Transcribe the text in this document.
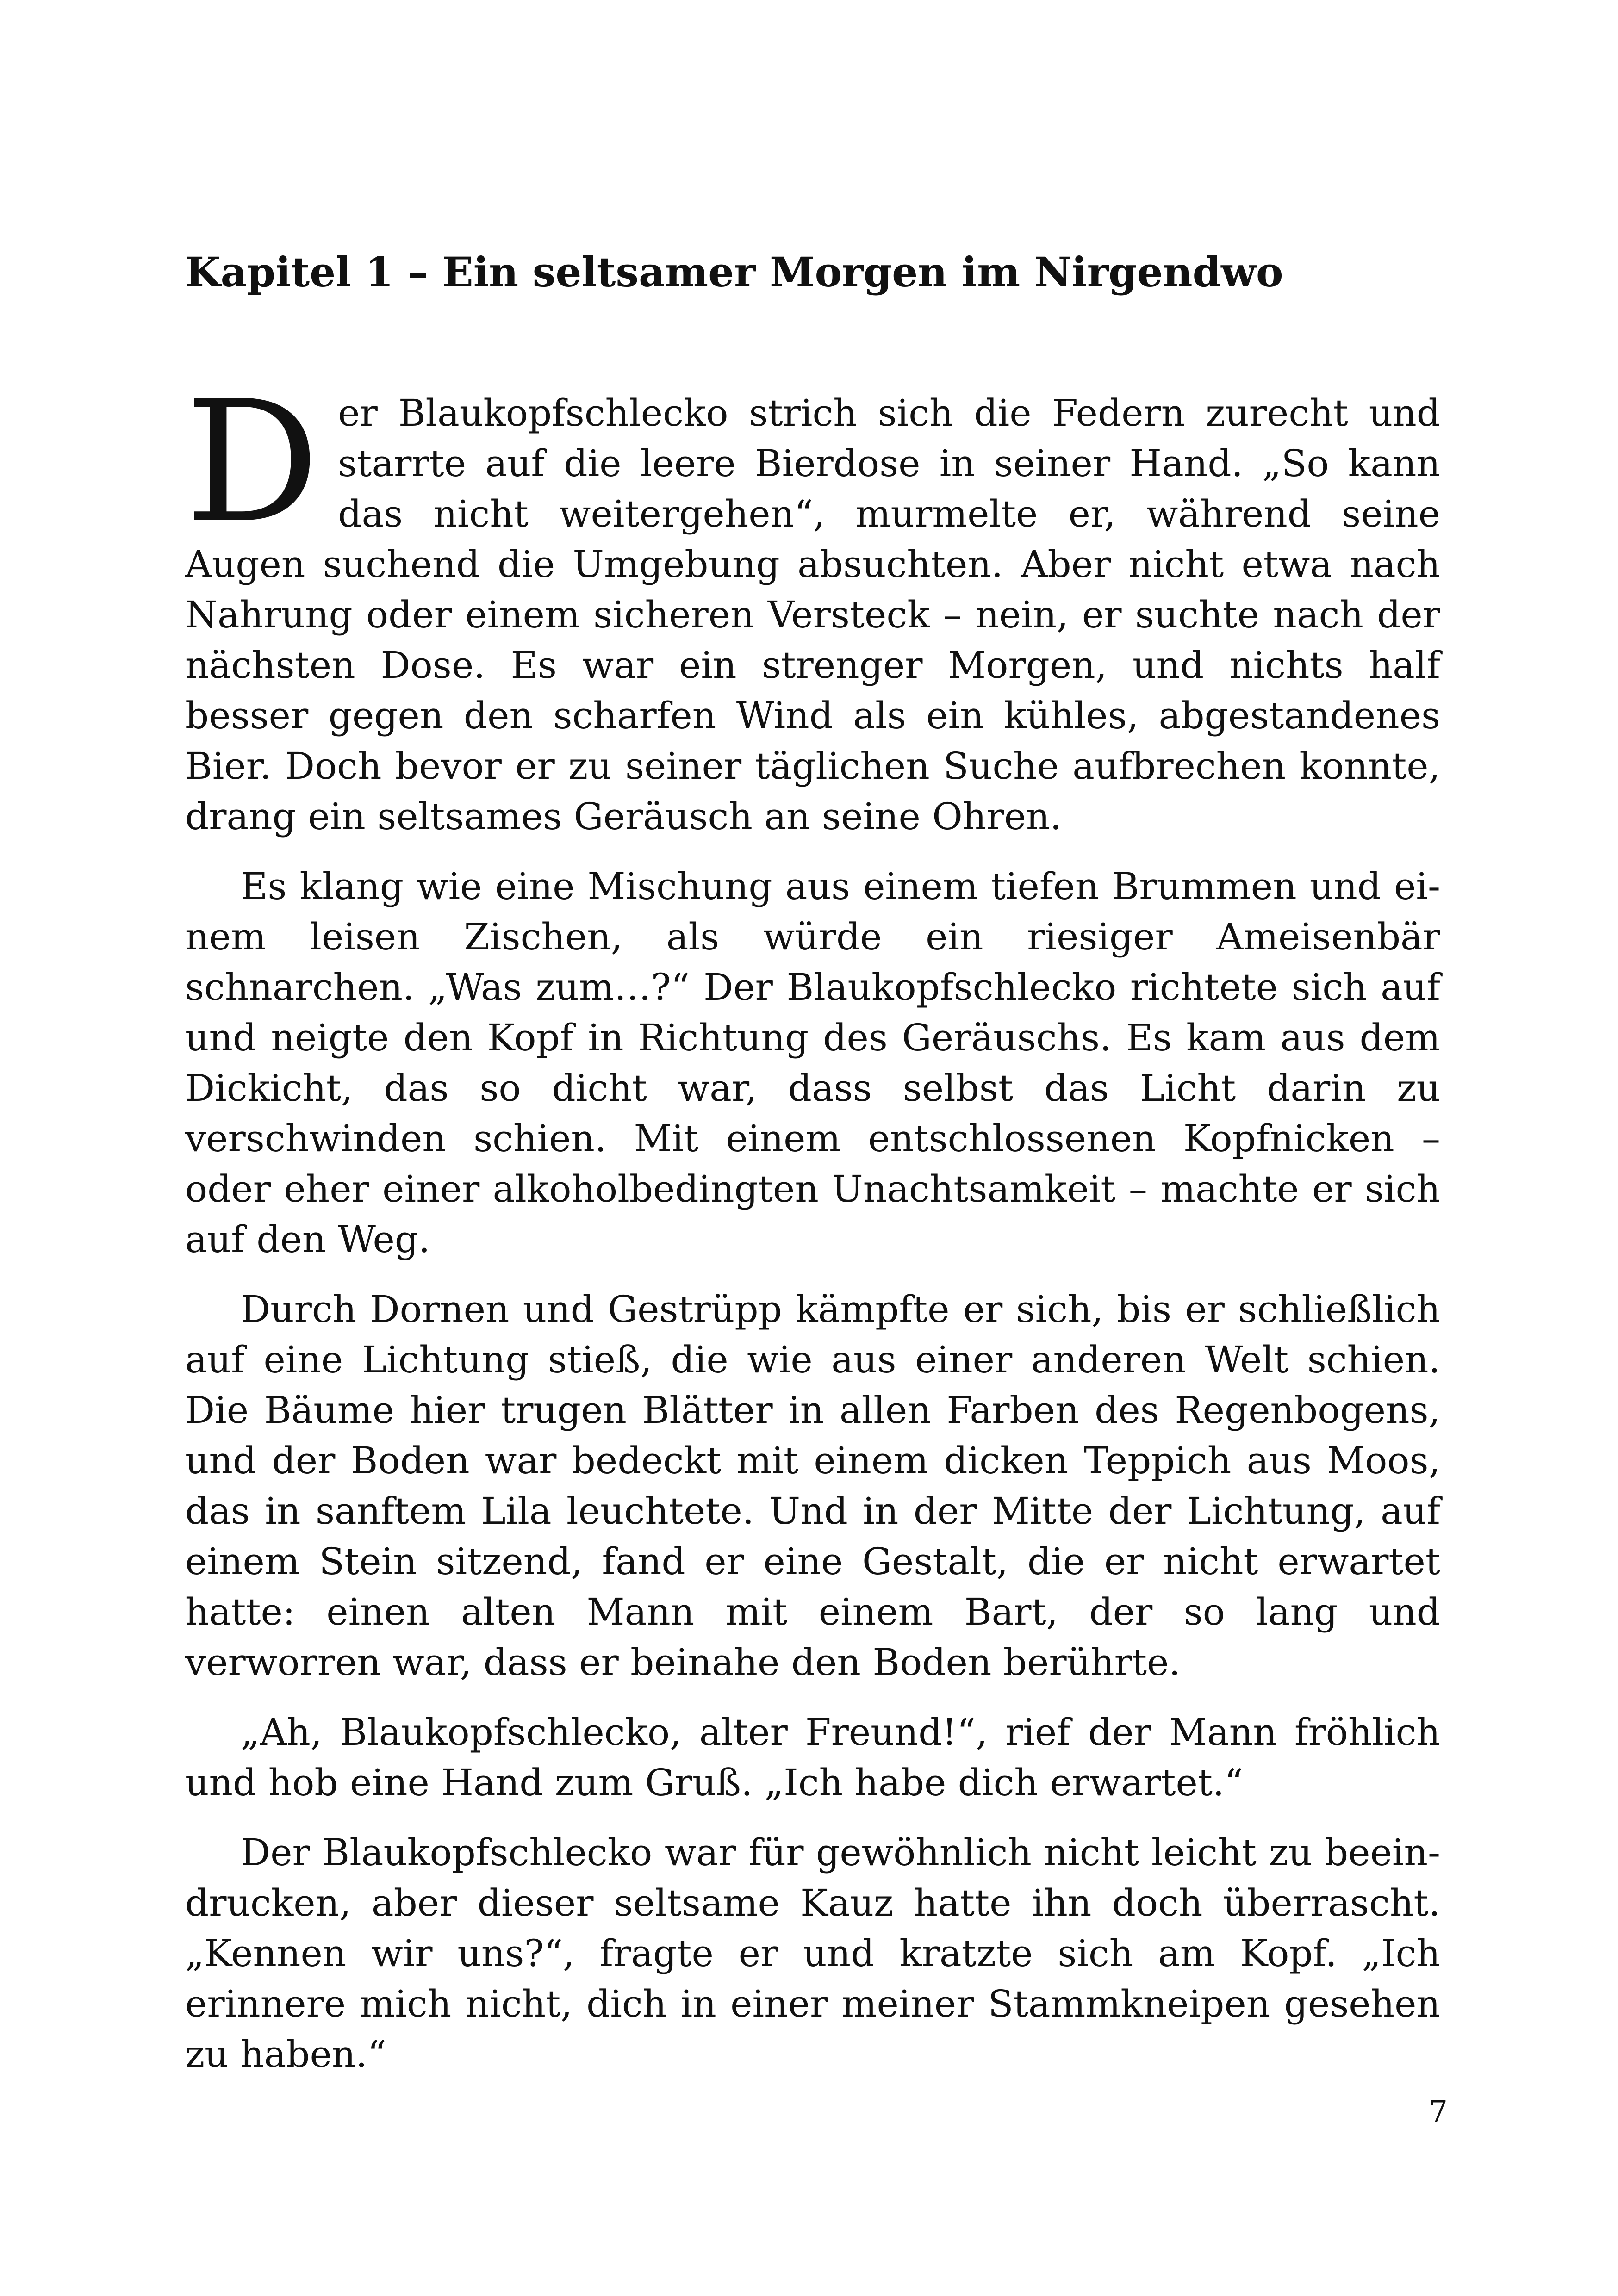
Kapitel 1 – Ein seltsamer Morgen im Nirgendwo

Der Blaukopfschlecko strich sich die Federn zurecht und starrte auf die leere Bierdose in seiner Hand. „So kann das nicht weitergehen“, murmelte er, während seine Augen suchend die Umgebung absuchten. Aber nicht etwa nach Nahrung oder einem sicheren Versteck – nein, er suchte nach der nächsten Dose. Es war ein strenger Morgen, und nichts half besser gegen den scharfen Wind als ein kühles, abgestandenes Bier. Doch bevor er zu seiner täglichen Suche aufbrechen konnte, drang ein seltsames Geräusch an seine Ohren.

Es klang wie eine Mischung aus einem tiefen Brummen und einem leisen Zischen, als würde ein riesiger Ameisenbär schnarchen. „Was zum…?“ Der Blaukopfschlecko richtete sich auf und neigte den Kopf in Richtung des Geräuschs. Es kam aus dem Dickicht, das so dicht war, dass selbst das Licht darin zu verschwinden schien. Mit einem entschlossenen Kopfnicken – oder eher einer alkoholbedingten Unachtsamkeit – machte er sich auf den Weg.

Durch Dornen und Gestrüpp kämpfte er sich, bis er schließlich auf eine Lichtung stieß, die wie aus einer anderen Welt schien. Die Bäume hier trugen Blätter in allen Farben des Regenbogens, und der Boden war bedeckt mit einem dicken Teppich aus Moos, das in sanftem Lila leuchtete. Und in der Mitte der Lichtung, auf einem Stein sitzend, fand er eine Gestalt, die er nicht erwartet hatte: einen alten Mann mit einem Bart, der so lang und verworren war, dass er beinahe den Boden berührte.

„Ah, Blaukopfschlecko, alter Freund!“, rief der Mann fröhlich und hob eine Hand zum Gruß. „Ich habe dich erwartet.“

Der Blaukopfschlecko war für gewöhnlich nicht leicht zu beeindrucken, aber dieser seltsame Kauz hatte ihn doch überrascht. „Kennen wir uns?“, fragte er und kratzte sich am Kopf. „Ich erinnere mich nicht, dich in einer meiner Stammkneipen gesehen zu haben.“

7
